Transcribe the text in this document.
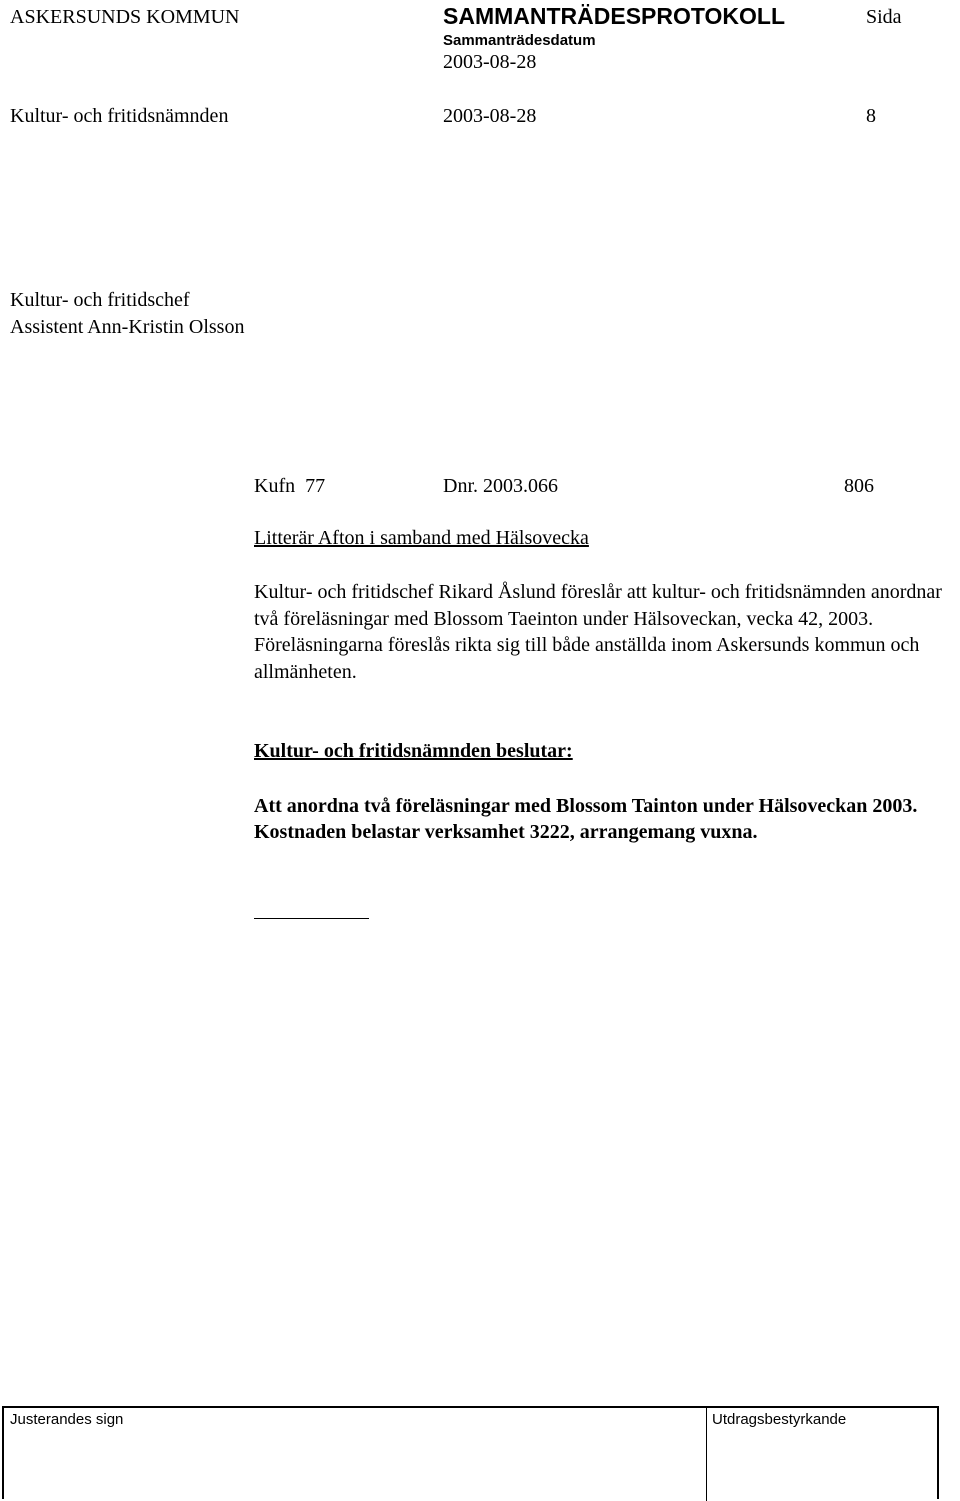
ASKERSUNDS KOMMUN	SAMMANTRÄDESPROTOKOLL	Sida
Sammanträdesdatum
2003-08-28
Kultur- och fritidsnämnden	2003-08-28	8
Kultur- och fritidschef
Assistent Ann-Kristin Olsson
Kufn  77	Dnr. 2003.066	806
Litterär Afton i samband med Hälsovecka

Kultur- och fritidschef Rikard Åslund föreslår att kultur- och fritidsnämnden anordnar två föreläsningar med Blossom Taeinton under Hälsoveckan, vecka 42, 2003.

Föreläsningarna föreslås rikta sig till både anställda inom Askersunds kommun och allmänheten.

Kultur- och fritidsnämnden beslutar:
Att anordna två föreläsningar med Blossom Tainton under Hälsoveckan 2003. Kostnaden belastar verksamhet 3222, arrangemang vuxna.
Justerandes sign	Utdragsbestyrkande
